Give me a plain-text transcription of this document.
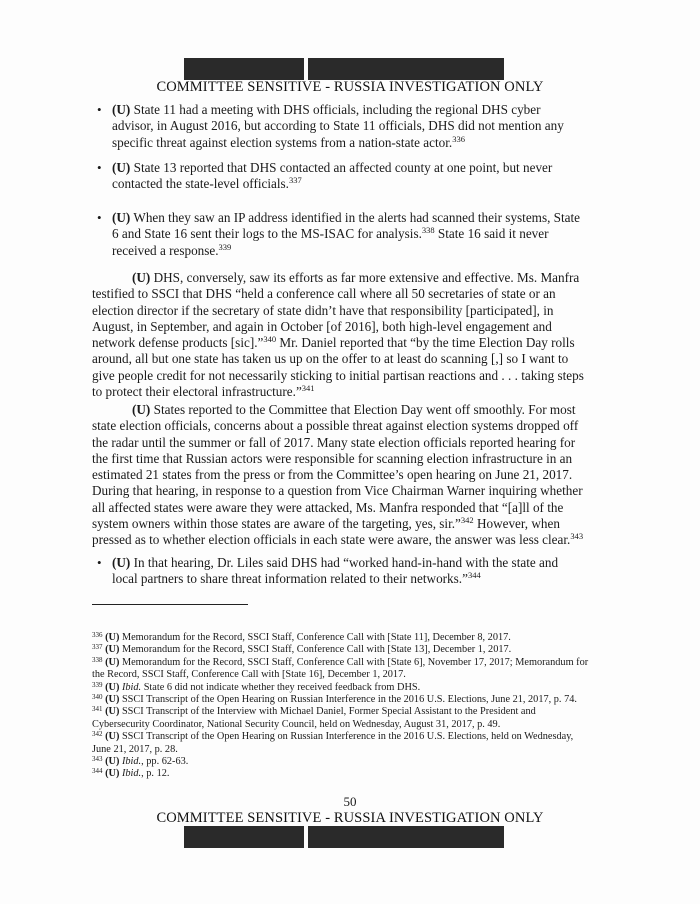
COMMITTEE SENSITIVE - RUSSIA INVESTIGATION ONLY
• (U) State 11 had a meeting with DHS officials, including the regional DHS cyber advisor, in August 2016, but according to State 11 officials, DHS did not mention any specific threat against election systems from a nation-state actor.$^{336}$
• (U) State 13 reported that DHS contacted an affected county at one point, but never contacted the state-level officials.$^{337}$
• (U) When they saw an IP address identified in the alerts had scanned their systems, State 6 and State 16 sent their logs to the MS-ISAC for analysis.$^{338}$ State 16 said it never received a response.$^{339}$
(U) DHS, conversely, saw its efforts as far more extensive and effective. Ms. Manfra testified to SSCI that DHS “held a conference call where all 50 secretaries of state or an election director if the secretary of state didn’t have that responsibility [participated], in August, in September, and again in October [of 2016], both high-level engagement and network defense products [sic].”$^{340}$ Mr. Daniel reported that “by the time Election Day rolls around, all but one state has taken us up on the offer to at least do scanning [,] so I want to give people credit for not necessarily sticking to initial partisan reactions and . . . taking steps to protect their electoral infrastructure.”$^{341}$
(U) States reported to the Committee that Election Day went off smoothly. For most state election officials, concerns about a possible threat against election systems dropped off the radar until the summer or fall of 2017. Many state election officials reported hearing for the first time that Russian actors were responsible for scanning election infrastructure in an estimated 21 states from the press or from the Committee’s open hearing on June 21, 2017. During that hearing, in response to a question from Vice Chairman Warner inquiring whether all affected states were aware they were attacked, Ms. Manfra responded that “[a]ll of the system owners within those states are aware of the targeting, yes, sir.”$^{342}$ However, when pressed as to whether election officials in each state were aware, the answer was less clear.$^{343}$
• (U) In that hearing, Dr. Liles said DHS had “worked hand-in-hand with the state and local partners to share threat information related to their networks.”$^{344}$
$^{336}$ (U) Memorandum for the Record, SSCI Staff, Conference Call with [State 11], December 8, 2017.
$^{337}$ (U) Memorandum for the Record, SSCI Staff, Conference Call with [State 13], December 1, 2017.
$^{338}$ (U) Memorandum for the Record, SSCI Staff, Conference Call with [State 6], November 17, 2017; Memorandum for the Record, SSCI Staff, Conference Call with [State 16], December 1, 2017.
$^{339}$ (U) Ibid. State 6 did not indicate whether they received feedback from DHS.
$^{340}$ (U) SSCI Transcript of the Open Hearing on Russian Interference in the 2016 U.S. Elections, June 21, 2017, p. 74.
$^{341}$ (U) SSCI Transcript of the Interview with Michael Daniel, Former Special Assistant to the President and Cybersecurity Coordinator, National Security Council, held on Wednesday, August 31, 2017, p. 49.
$^{342}$ (U) SSCI Transcript of the Open Hearing on Russian Interference in the 2016 U.S. Elections, held on Wednesday, June 21, 2017, p. 28.
$^{343}$ (U) Ibid., pp. 62-63.
$^{344}$ (U) Ibid., p. 12.
50
COMMITTEE SENSITIVE - RUSSIA INVESTIGATION ONLY
